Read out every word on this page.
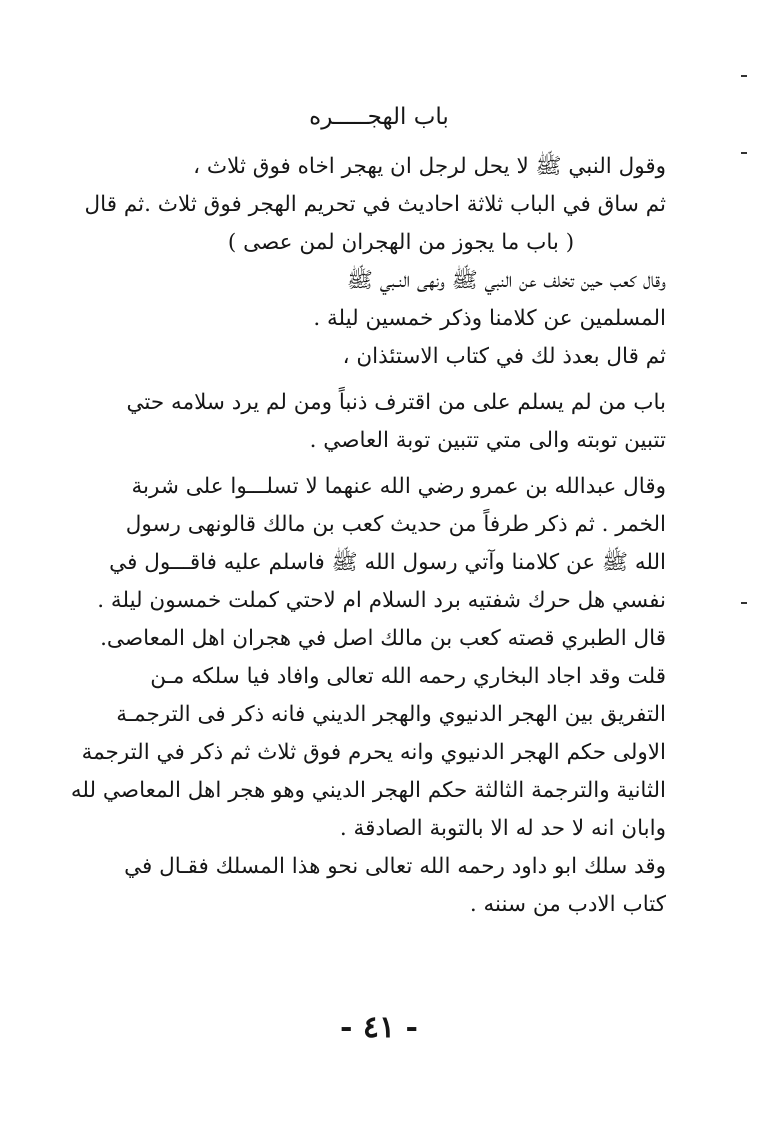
باب الهجـــــره
وقول النبي ﷺ لا يحل لرجل ان يهجر اخاه فوق ثلاث ،
ثم ساق في الباب ثلاثة احاديث في تحريم الهجر فوق ثلاث .ثم قال
( باب ما يجوز من الهجران لمن عصى )
وقال كعب حين تخلف عن النبي ﷺ ونهى النـبي ﷺ
المسلمين عن كلامنا وذكر خمسين ليلة .
ثم قال بعدذ لك في كتاب الاستئذان ،
باب من لم يسلم على من اقترف ذنباً ومن لم يرد سلامه حتي
تتبين توبته والى متي تتبين توبة العاصي .
وقال عبدالله بن عمرو رضي الله عنهما لا تسلـــوا على شربة
الخمر . ثم ذكر طرفاً من حديث كعب بن مالك قالونهى رسول
الله ﷺ عن كلامنا وآتي رسول الله ﷺ فاسلم عليه فاقـــول في
نفسي هل حرك شفتيه برد السلام ام لاحتي كملت خمسون ليلة .
قال الطبري قصته كعب بن مالك اصل في هجران اهل المعاصى.
قلت وقد اجاد البخاري رحمه الله تعالى وافاد فيا سلكه مـن
التفريق بين الهجر الدنيوي والهجر الديني فانه ذكر فى الترجمـة
الاولى حكم الهجر الدنيوي وانه يحرم فوق ثلاث ثم ذكر في الترجمة
الثانية والترجمة الثالثة حكم الهجر الديني وهو هجر اهل المعاصي لله
وابان انه لا حد له الا بالتوبة الصادقة .
وقد سلك ابو داود رحمه الله تعالى نحو هذا المسلك فقـال في
كتاب الادب من سننه .
- ٤١ -
